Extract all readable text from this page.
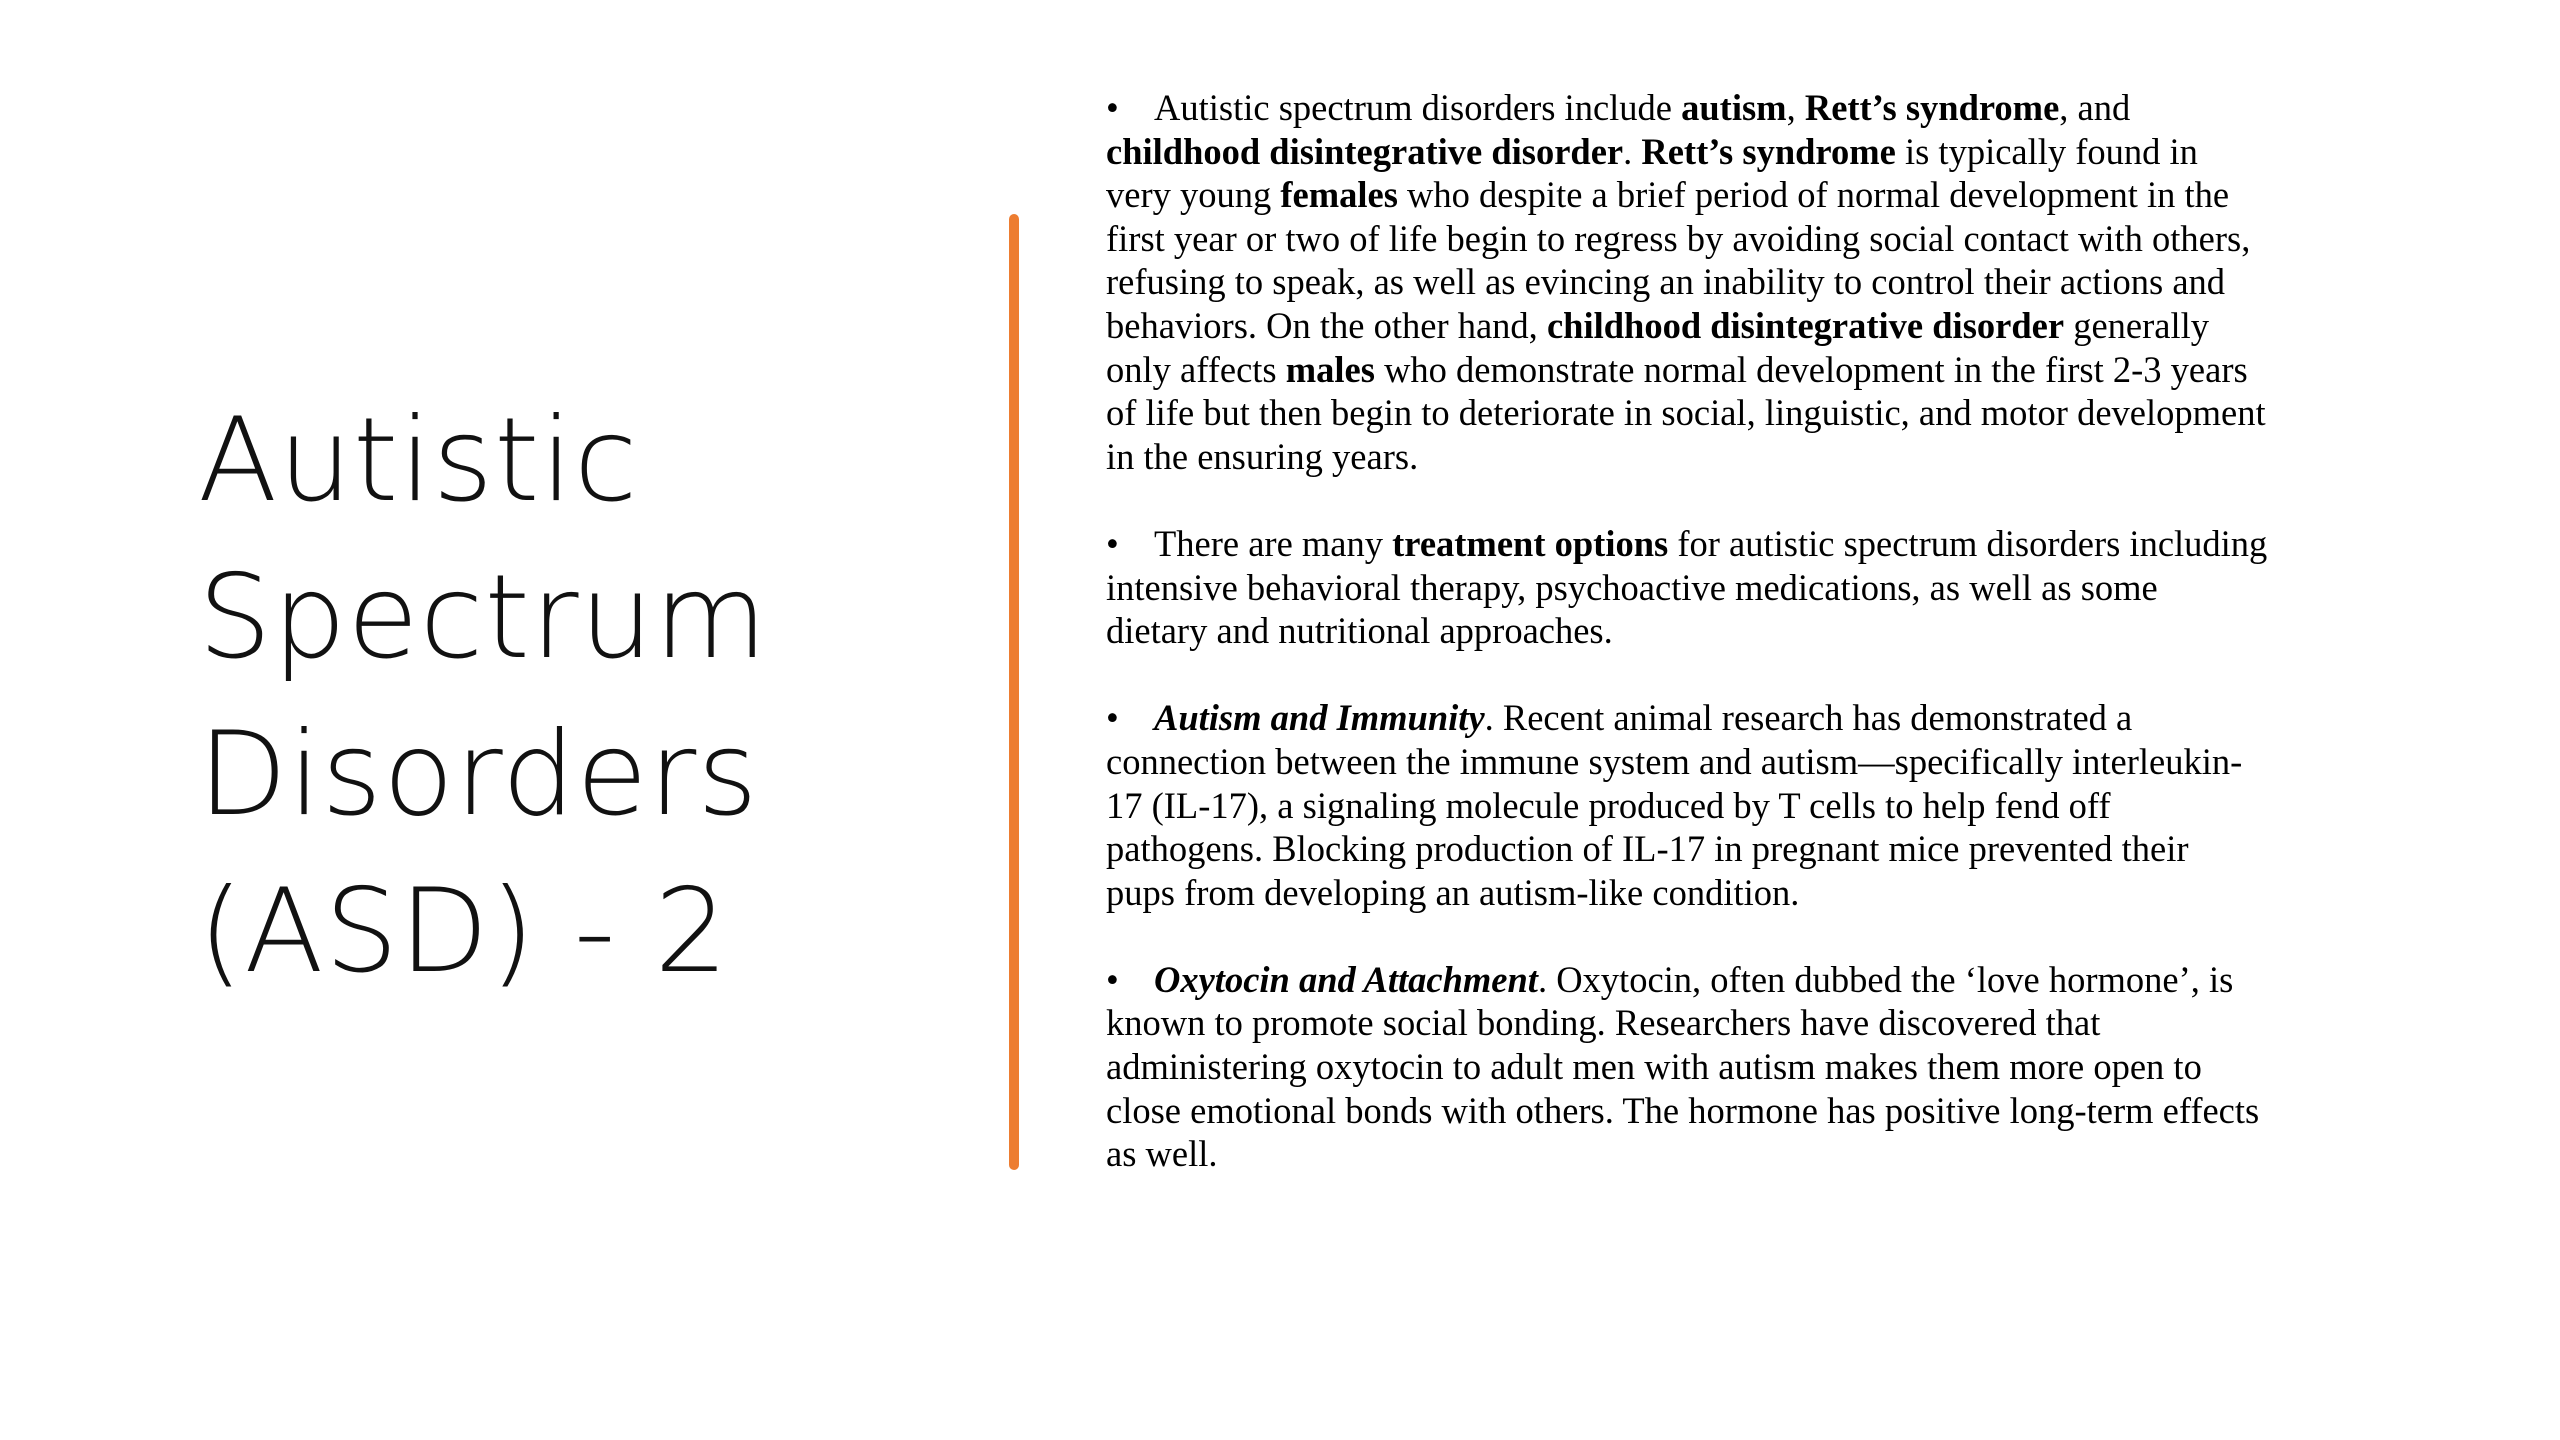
Autistic
Spectrum
Disorders
(ASD) - 2

• Autistic spectrum disorders include autism, Rett’s syndrome, and
childhood disintegrative disorder. Rett’s syndrome is typically found in
very young females who despite a brief period of normal development in the
first year or two of life begin to regress by avoiding social contact with others,
refusing to speak, as well as evincing an inability to control their actions and
behaviors. On the other hand, childhood disintegrative disorder generally
only affects males who demonstrate normal development in the first 2-3 years
of life but then begin to deteriorate in social, linguistic, and motor development
in the ensuring years.

• There are many treatment options for autistic spectrum disorders including
intensive behavioral therapy, psychoactive medications, as well as some
dietary and nutritional approaches.

• Autism and Immunity. Recent animal research has demonstrated a
connection between the immune system and autism—specifically interleukin-
17 (IL-17), a signaling molecule produced by T cells to help fend off
pathogens. Blocking production of IL-17 in pregnant mice prevented their
pups from developing an autism-like condition.

• Oxytocin and Attachment. Oxytocin, often dubbed the ‘love hormone’, is
known to promote social bonding. Researchers have discovered that
administering oxytocin to adult men with autism makes them more open to
close emotional bonds with others. The hormone has positive long-term effects
as well.
